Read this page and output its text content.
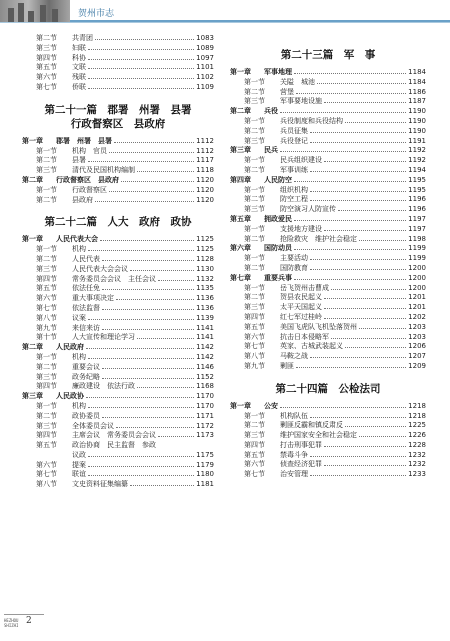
贺州市志
第二节	共青团	1083
第三节	妇联	1089
第四节	科协	1097
第五节	文联	1101
第六节	残联	1102
第七节	侨联	1109
第二十一篇　郡署　州署　县署
行政督察区　县政府
第一章	郡署　州署　县署	1112
第一节	机构　官员	1112
第二节	县署	1117
第三节	清代及民国机构编制	1118
第二章	行政督察区　县政府	1120
第一节	行政督察区	1120
第二节	县政府	1120
第二十二篇　人大　政府　政协
第一章	人民代表大会	1125
第一节	机构	1125
第二节	人民代表	1128
第三节	人民代表大会会议	1130
第四节	常务委员会会议　主任会议	1132
第五节	依法任免	1135
第六节	重大事项决定	1136
第七节	依法监督	1136
第八节	议案	1139
第九节	来信来访	1141
第十节	人大宣传和理论学习	1141
第二章	人民政府	1142
第一节	机构	1142
第二节	重要会议	1146
第三节	政务纪略	1152
第四节	廉政建设　依法行政	1168
第三章	人民政协	1170
第一节	机构	1170
第二节	政协委员	1171
第三节	全体委员会议	1172
第四节	主席会议　常务委员会会议	1173
第五节	政治协商　民主监督　参政
议政	1175
第六节	提案	1179
第七节	联谊	1180
第八节	文史资料征集编纂	1181
第二十三篇　军　事
第一章	军事地理	1184
第一节	关隘　城池	1184
第二节	营堡	1186
第三节	军事要地设施	1187
第二章	兵役	1190
第一节	兵役制度和兵役结构	1190
第二节	兵员征集	1190
第三节	兵役登记	1191
第三章	民兵	1192
第一节	民兵组织建设	1192
第二节	军事训练	1194
第四章	人民防空	1195
第一节	组织机构	1195
第二节	防空工程	1196
第三节	防空演习人防宣传	1196
第五章	拥政爱民	1197
第一节	支援地方建设	1197
第二节	抢险救灾　维护社会稳定	1198
第六章	国防动员	1199
第一节	主要活动	1199
第二节	国防教育	1200
第七章	重要兵事	1200
第一节	岳飞贺州击曹成	1200
第二节	贺县农民起义	1201
第三节	太平天国起义	1201
第四节	红七军过桂岭	1202
第五节	美国飞虎队飞机坠落贺州	1203
第六节	抗击日本侵略军	1203
第七节	英家、古城武装起义	1206
第八节	马鞍之战	1207
第九节	剿匪	1209
第二十四篇　公检法司
第一章	公安	1218
第一节	机构队伍	1218
第二节	剿匪反霸和镇反肃反	1225
第三节	维护国家安全和社会稳定	1226
第四节	打击刑事犯罪	1228
第五节	禁毒斗争	1232
第六节	侦查经济犯罪	1232
第七节	治安管理	1233
HEZHOU
SHIZHI 2
